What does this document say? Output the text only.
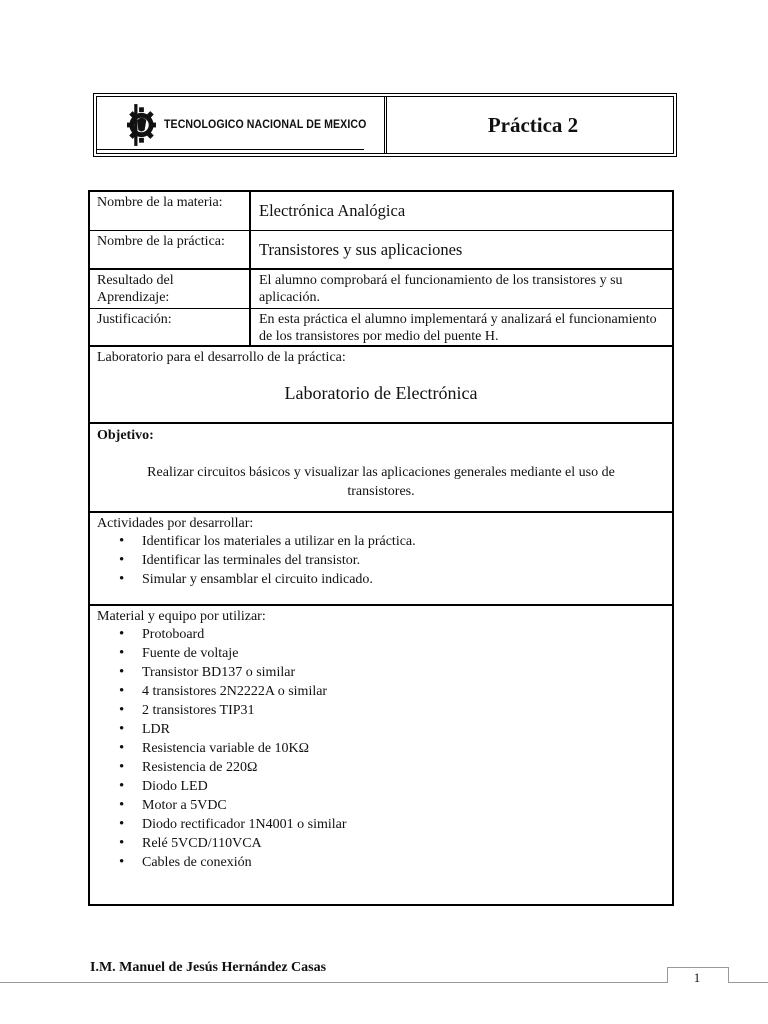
TECNOLOGICO NACIONAL DE MEXICO	Práctica 2
Nombre de la materia:	Electrónica Analógica
Nombre de la práctica:	Transistores y sus aplicaciones
Resultado del Aprendizaje:
El alumno comprobará el funcionamiento de los transistores y su aplicación.
Justificación:	En esta práctica el alumno implementará y analizará el funcionamiento de los transistores por medio del puente H.
Laboratorio para el desarrollo de la práctica:
Laboratorio de Electrónica
Objetivo:
Realizar circuitos básicos y visualizar las aplicaciones generales mediante el uso de transistores.
Actividades por desarrollar:
• Identificar los materiales a utilizar en la práctica.
• Identificar las terminales del transistor.
• Simular y ensamblar el circuito indicado.
Material y equipo por utilizar:
• Protoboard
• Fuente de voltaje
• Transistor BD137 o similar
• 4 transistores 2N2222A o similar
• 2 transistores TIP31
• LDR
• Resistencia variable de 10KΩ
• Resistencia de 220Ω
• Diodo LED
• Motor a 5VDC
• Diodo rectificador 1N4001 o similar
• Relé 5VCD/110VCA
• Cables de conexión
I.M. Manuel de Jesús Hernández Casas
1
